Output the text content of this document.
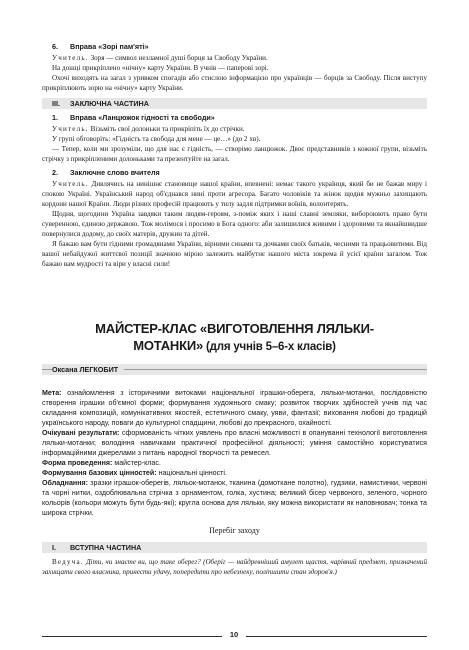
6. Вправа «Зорі пам'яті»

Учитель. Зоря — символ незламної душі борця за Свободу України.

На дошці прикріплено «нічну» карту України. В учнів — паперові зорі.

Охочі виходять на загал з уривком спогадів або стислою інформацією про українців — борців за Свободу. Після виступу прикріплюють зорю на «нічну» карту України.

III. ЗАКЛЮЧНА ЧАСТИНА
1. Вправа «Ланцюжок гідності та свободи»

Учитель. Візьміть свої долоньки та прикріпіть їх до стрічки.

У групі обговоріть: «Гідність та свобода для мене — це…» (до 2 хв).

— Тепер, коли ми зрозуміли, що для нас є гідність, — створімо ланцюжок. Двоє представників з кожної групи, візьміть стрічку з прикріпленими долоньками та презентуйте на загал.

2. Заключне слово вчителя

Учитель. Дивлячись на нинішнє становище нашої країни, впевнені: немає такого українця, який би не бажав миру і спокою Україні. Український народ об'єднався нині проти агресора. Багато чоловіків та жінок щодня мужньо захищають кордони нашої Країни. Люди різних професій працюють у тилу задля підтримки воїнів, волонтерять.

Щодня, щогодини Україна завдяки таким людям-героям, з-поміж яких і наші славні земляки, вибороюють право бути суверенною, єдиною державою. Тож молімося і просимо в Бога одного: аби залишилися живими і здоровими та якнайшвидше повернулися додому, до своїх матерів, дружин та дітей.

Я бажаю вам бути гідними громадянами України, вірними синами та дочками своїх батьків, чесними та працьовитими. Від вашої небайдужої життєвої позиції значною мірою залежить майбутнє нашого міста зокрема й усієї країни загалом. Тож бажаю вам мудрості та віри у власні сили!

МАЙСТЕР-КЛАС «ВИГОТОВЛЕННЯ ЛЯЛЬКИ-
МОТАНКИ» (для учнів 5–6-х класів)
Оксана ЛЕГКОБИТ

Мета: ознайомлення з історичними витоками національної іграшки-оберега, ляльки-мотанки, послідовністю створення іграшки об'ємної форми; формування художнього смаку; розвиток творчих здібностей учнів під час складання композицій, комунікативних якостей, естетичного смаку, уяви, фантазії; виховання любові до традицій українського народу, поваги до культурної спадщини, любові до прекрасного, охайності.

Очікувані результати: сформованість чітких уявлень про власні можливості в опануванні технології виготовлення ляльки-мотанки; володіння навичками практичної професійної діяльності; уміння самостійно користуватися інформаційними джерелами з питань народної творчості та ремесел.

Форма проведення: майстер-клас.

Формування базових цінностей: національні цінності.

Обладнання: зразки іграшок-оберегів, ляльок-мотанок, тканина (домоткане полотно), гудзики, намистинки, червоні та чорні нитки, оздоблювальна стрічка з орнаментом, голка, хустина; великий бісер червоного, зеленого, чорного кольорів (кольори можуть бути будь-які); кругла основа для ляльки, яку можна використати як наповнювач; тонка та широка стрічки.

Перебіг заходу
I. ВСТУПНА ЧАСТИНА

Ведуча. Діти, чи знаєте ви, що таке оберег? (Оберіг — найдревніший амулет щастя, чарівний предмет, призначений захищати свого власника, принести удачу, попередити про небезпеку, поліпшити стан здоров'я.)

10
